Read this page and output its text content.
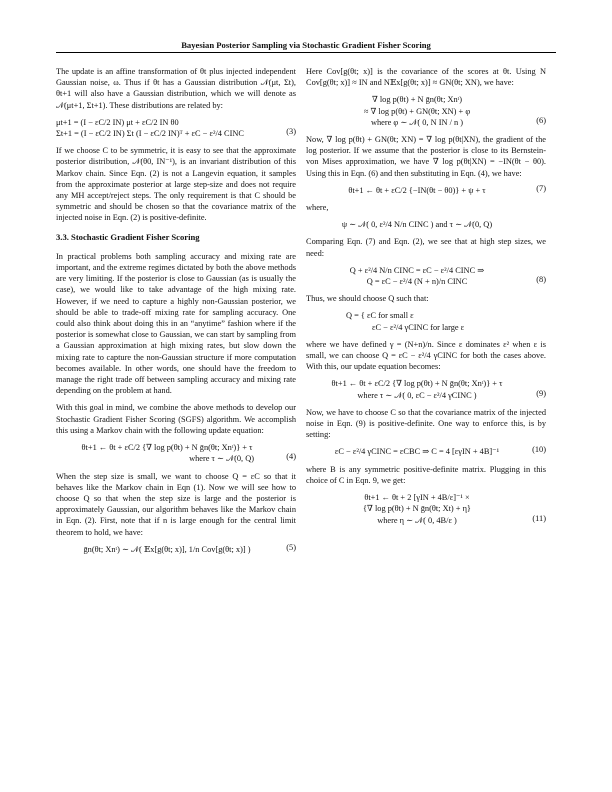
Bayesian Posterior Sampling via Stochastic Gradient Fisher Scoring

The update is an affine transformation of θt plus injected independent Gaussian noise, ω. Thus if θt has a Gaussian distribution 𝒩(μt, Σt), θt+1 will also have a Gaussian distribution, which we will denote as 𝒩(μt+1, Σt+1). These distributions are related by:

μt+1 = (I − εC/2 IN) μt + εC/2 IN θ0
Σt+1 = (I − εC/2 IN) Σt (I − εC/2 IN)ᵀ + εC − ε²/4 CINC	(3)

If we choose C to be symmetric, it is easy to see that the approximate posterior distribution, 𝒩(θ0, IN⁻¹), is an invariant distribution of this Markov chain. Since Eqn. (2) is not a Langevin equation, it samples from the approximate posterior at large step-size and does not require any MH accept/reject steps. The only requirement is that C should be symmetric and should be chosen so that the covariance matrix of the injected noise in Eqn. (2) is positive-definite.

3.3. Stochastic Gradient Fisher Scoring

In practical problems both sampling accuracy and mixing rate are important, and the extreme regimes dictated by both the above methods are very limiting. If the posterior is close to Gaussian (as is usually the case), we would like to take advantage of the high mixing rate. However, if we need to capture a highly non-Gaussian posterior, we should be able to trade-off mixing rate for sampling accuracy. One could also think about doing this in an “anytime” fashion where if the posterior is somewhat close to Gaussian, we can start by sampling from a Gaussian approximation at high mixing rates, but slow down the mixing rate to capture the non-Gaussian structure if more computation becomes available. In other words, one should have the freedom to manage the right trade off between sampling accuracy and mixing rate depending on the problem at hand.

With this goal in mind, we combine the above methods to develop our Stochastic Gradient Fisher Scoring (SGFS) algorithm. We accomplish this using a Markov chain with the following update equation:

θt+1 ← θt + εC/2 {∇ log p(θt) + N ḡn(θt; Xnᵗ)} + τ
where τ ∼ 𝒩(0, Q)	(4)

When the step size is small, we want to choose Q = εC so that it behaves like the Markov chain in Eqn (1). Now we will see how to choose Q so that when the step size is large and the posterior is approximately Gaussian, our algorithm behaves like the Markov chain in Eqn. (2). First, note that if n is large enough for the central limit theorem to hold, we have:

ḡn(θt; Xnᵗ) ∼ 𝒩( 𝔼x[g(θt; x)], 1/n Cov[g(θt; x)] )	(5)

Here Cov[g(θt; x)] is the covariance of the scores at θt. Using N Cov[g(θt; x)] ≈ IN and N𝔼x[g(θt; x)] ≈ GN(θt; XN), we have:

∇ log p(θt) + N ḡn(θt; Xnᵗ)
≈ ∇ log p(θt) + GN(θt; XN) + φ
where φ ∼ 𝒩( 0, N IN / n )	(6)

Now, ∇ log p(θt) + GN(θt; XN) = ∇ log p(θt|XN), the gradient of the log posterior. If we assume that the posterior is close to its Bernstein-von Mises approximation, we have ∇ log p(θt|XN) = −IN(θt − θ0). Using this in Eqn. (6) and then substituting in Eqn. (4), we have:

θt+1 ← θt + εC/2 {−IN(θt − θ0)} + ψ + τ	(7)

where,

ψ ∼ 𝒩( 0, ε²/4 N/n CINC ) and τ ∼ 𝒩(0, Q)

Comparing Eqn. (7) and Eqn. (2), we see that at high step sizes, we need:

Q + ε²/4 N/n CINC = εC − ε²/4 CINC ⇒
Q = εC − ε²/4 (N + n)/n CINC	(8)

Thus, we should choose Q such that:

Q = { εC for small ε
εC − ε²/4 γCINC for large ε

where we have defined γ = (N+n)/n. Since ε dominates ε² when ε is small, we can choose Q = εC − ε²/4 γCINC for both the cases above. With this, our update equation becomes:

θt+1 ← θt + εC/2 {∇ log p(θt) + N ḡn(θt; Xnᵗ)} + τ
where τ ∼ 𝒩( 0, εC − ε²/4 γCINC )	(9)

Now, we have to choose C so that the covariance matrix of the injected noise in Eqn. (9) is positive-definite. One way to enforce this, is by setting:

εC − ε²/4 γCINC = εCBC ⇒ C = 4 [εγIN + 4B]⁻¹	(10)

where B is any symmetric positive-definite matrix. Plugging in this choice of C in Eqn. 9, we get:

θt+1 ← θt + 2 [γIN + 4B/ε]⁻¹ ×
{∇ log p(θt) + N ḡn(θt; Xt) + η}
where η ∼ 𝒩( 0, 4B/ε )	(11)
